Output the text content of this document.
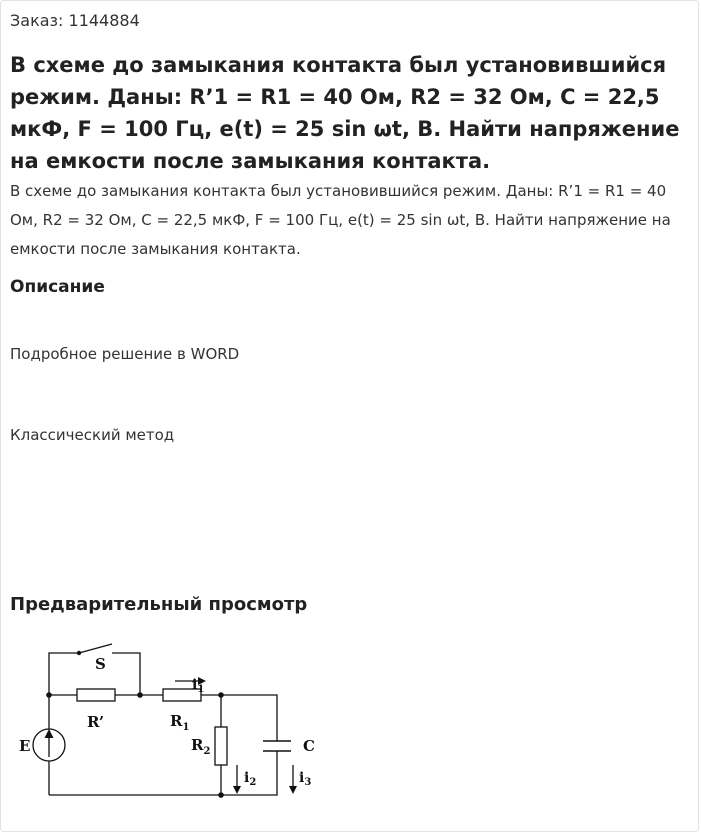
Заказ: 1144884
В схеме до замыкания контакта был установившийся режим. Даны: R’1 = R1 = 40 Ом, R2 = 32 Ом, C = 22,5 мкФ, F = 100 Гц, e(t) = 25 sin ωt, В. Найти напряжение на емкости после замыкания контакта.
В схеме до замыкания контакта был установившийся режим. Даны: R’1 = R1 = 40 Ом, R2 = 32 Ом, C = 22,5 мкФ, F = 100 Гц, e(t) = 25 sin ωt, В. Найти напряжение на емкости после замыкания контакта.
Описание
Подробное решение в WORD
Классический метод
Предварительный просмотр
S
R’	$R_1$
$R_2$	C
E
$i_1$
$i_2$	$i_3$
